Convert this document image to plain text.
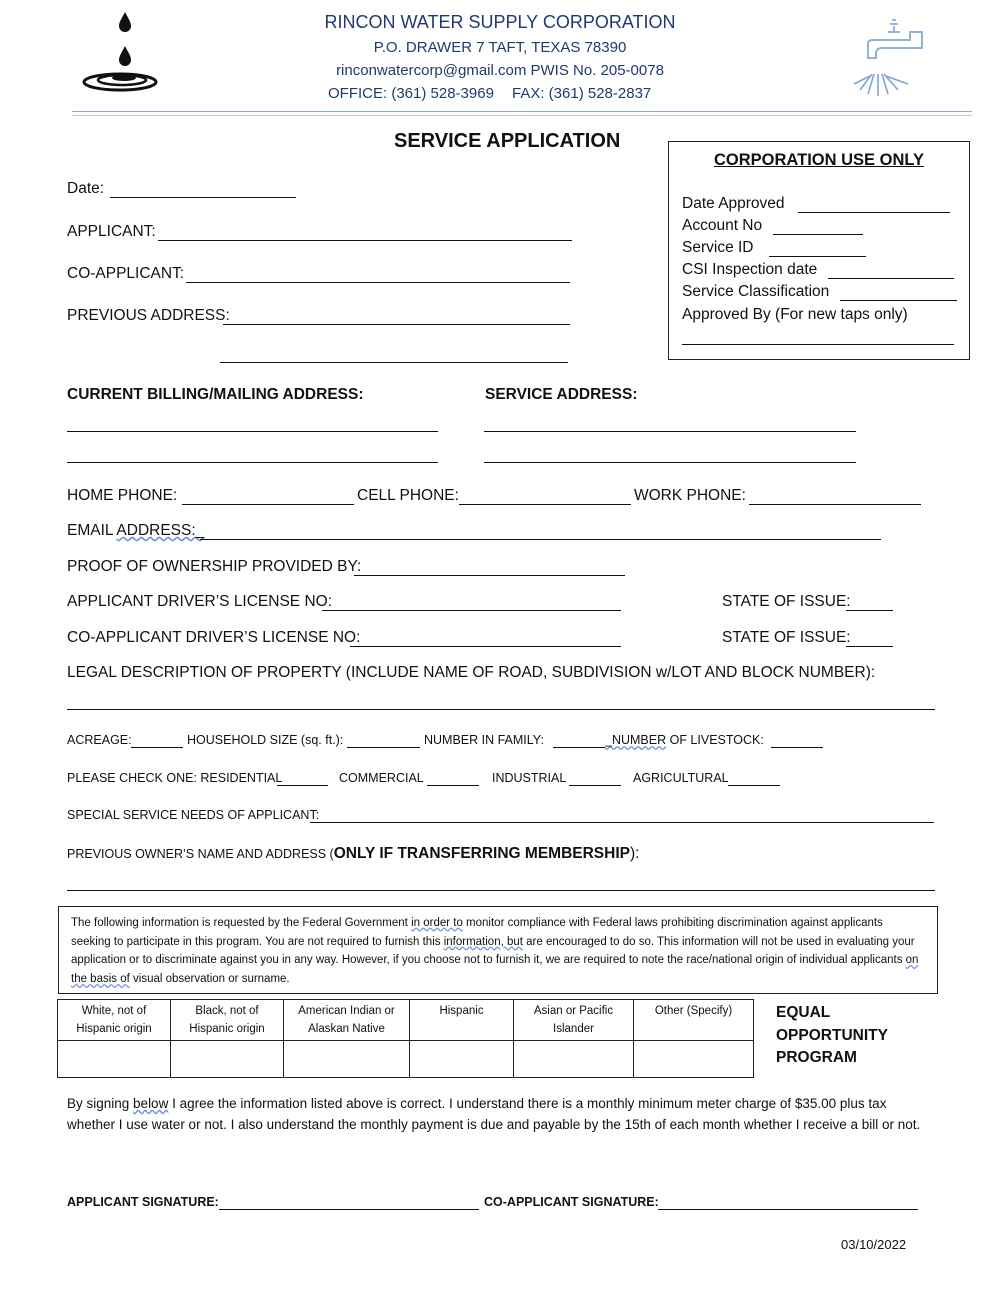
RINCON WATER SUPPLY CORPORATION
P.O. DRAWER 7 TAFT, TEXAS 78390
rinconwatercorp@gmail.com PWIS No. 205-0078
OFFICE: (361) 528-3969 FAX: (361) 528-2837
SERVICE APPLICATION
CORPORATION USE ONLY
Date Approved
Account No
Service ID
CSI Inspection date
Service Classification
Approved By (For new taps only)
Date:
APPLICANT:
CO-APPLICANT:
PREVIOUS ADDRESS:
CURRENT BILLING/MAILING ADDRESS:	SERVICE ADDRESS:
HOME PHONE:	CELL PHONE:	WORK PHONE:
EMAIL ADDRESS:_
PROOF OF OWNERSHIP PROVIDED BY:
APPLICANT DRIVER’S LICENSE NO:	STATE OF ISSUE:
CO-APPLICANT DRIVER’S LICENSE NO:	STATE OF ISSUE:
LEGAL DESCRIPTION OF PROPERTY (INCLUDE NAME OF ROAD, SUBDIVISION w/LOT AND BLOCK NUMBER):
ACREAGE:	HOUSEHOLD SIZE (sq. ft.):	NUMBER IN FAMILY:	_NUMBER OF LIVESTOCK:
PLEASE CHECK ONE: RESIDENTIAL	COMMERCIAL	INDUSTRIAL	AGRICULTURAL
SPECIAL SERVICE NEEDS OF APPLICANT:
PREVIOUS OWNER’S NAME AND ADDRESS (ONLY IF TRANSFERRING MEMBERSHIP):
The following information is requested by the Federal Government in order to monitor compliance with Federal laws prohibiting discrimination against applicants seeking to participate in this program. You are not required to furnish this information, but are encouraged to do so. This information will not be used in evaluating your application or to discriminate against you in any way. However, if you choose not to furnish it, we are required to note the race/national origin of individual applicants on the basis of visual observation or surname.
White, not of Hispanic origin	Black, not of Hispanic origin	American Indian or Alaskan Native	Hispanic	Asian or Pacific Islander	Other (Specify)
						EQUAL
OPPORTUNITY
PROGRAM
By signing below I agree the information listed above is correct. I understand there is a monthly minimum meter charge of $35.00 plus tax whether I use water or not. I also understand the monthly payment is due and payable by the 15th of each month whether I receive a bill or not.
APPLICANT SIGNATURE:	CO-APPLICANT SIGNATURE:
03/10/2022
